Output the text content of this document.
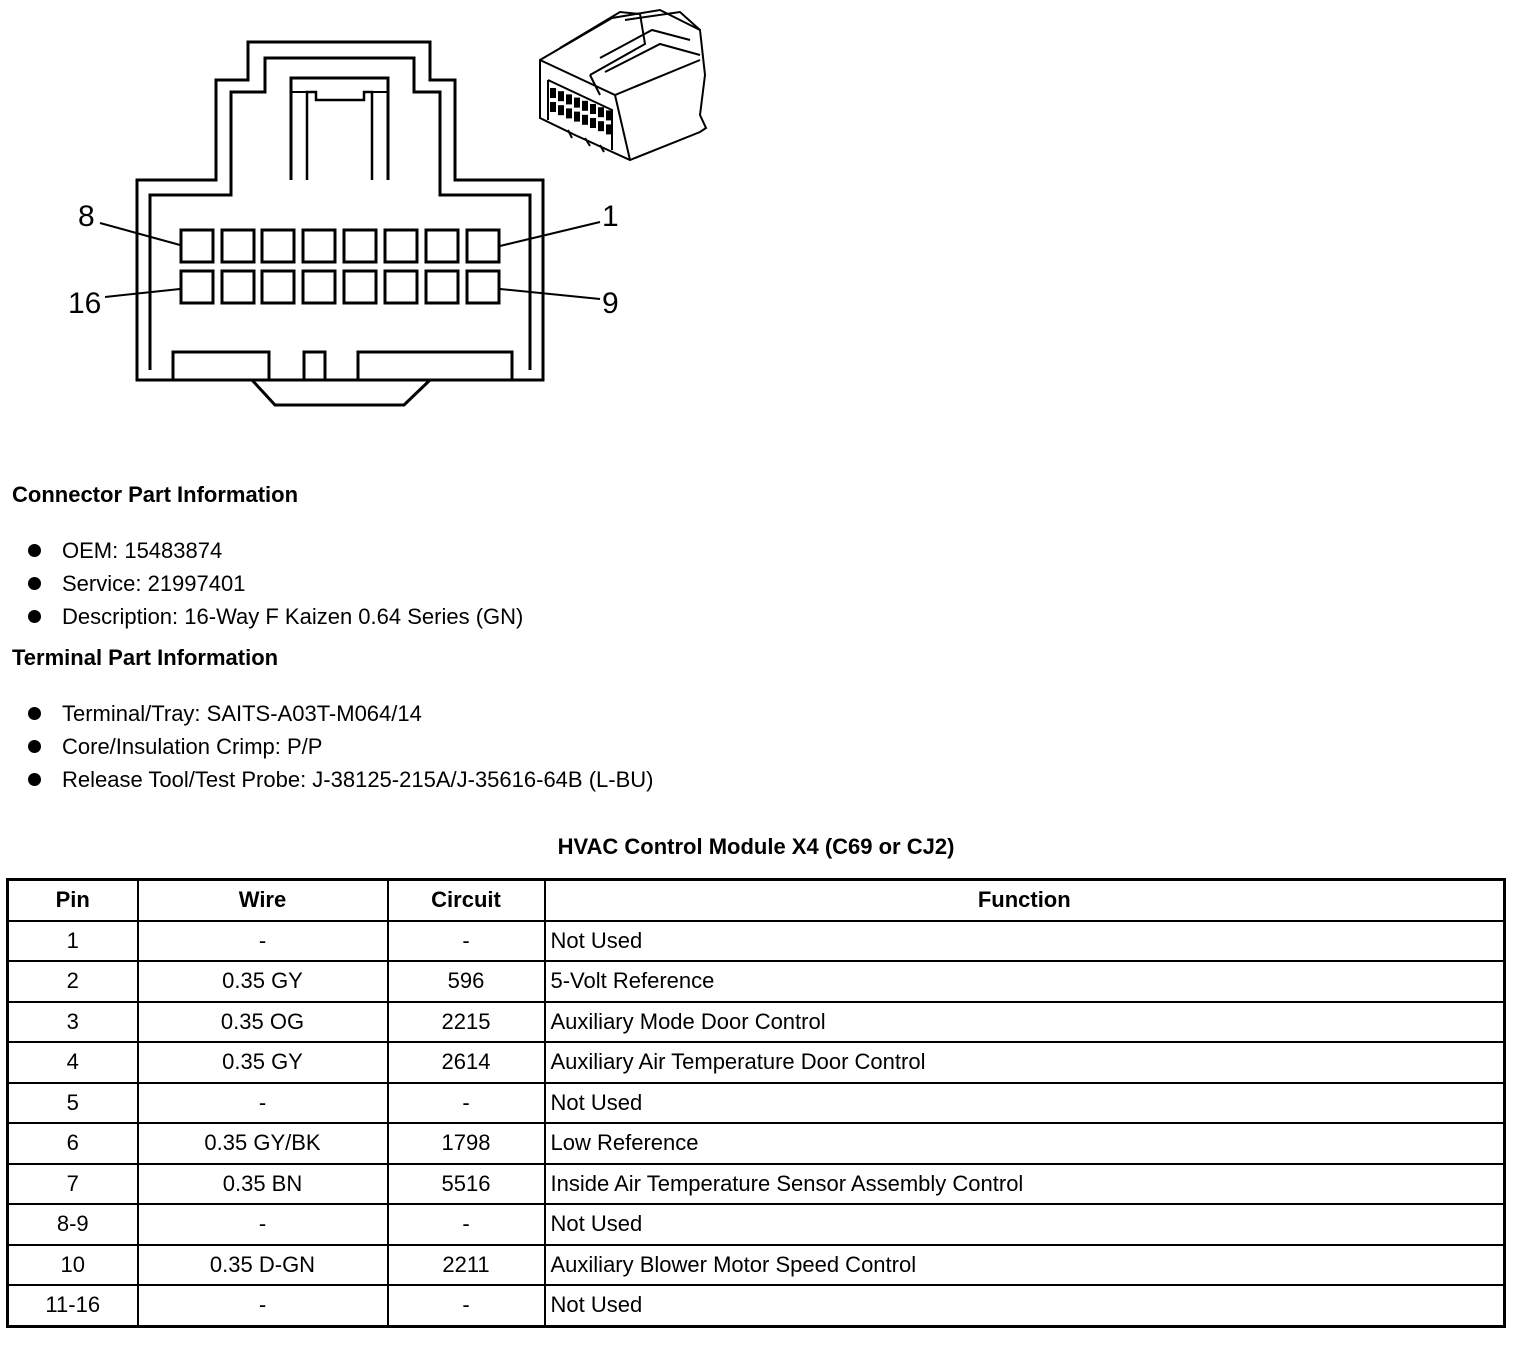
8	1
16	9
Connector Part Information
OEM: 15483874
Service: 21997401
Description: 16-Way F Kaizen 0.64 Series (GN)
Terminal Part Information
Terminal/Tray: SAITS-A03T-M064/14
Core/Insulation Crimp: P/P
Release Tool/Test Probe: J-38125-215A/J-35616-64B (L-BU)
HVAC Control Module X4 (C69 or CJ2)
Pin	Wire	Circuit	Function
1	-	-	Not Used
2	0.35 GY	596	5-Volt Reference
3	0.35 OG	2215	Auxiliary Mode Door Control
4	0.35 GY	2614	Auxiliary Air Temperature Door Control
5	-	-	Not Used
6	0.35 GY/BK	1798	Low Reference
7	0.35 BN	5516	Inside Air Temperature Sensor Assembly Control
8-9	-	-	Not Used
10	0.35 D-GN	2211	Auxiliary Blower Motor Speed Control
11-16	-	-	Not Used
